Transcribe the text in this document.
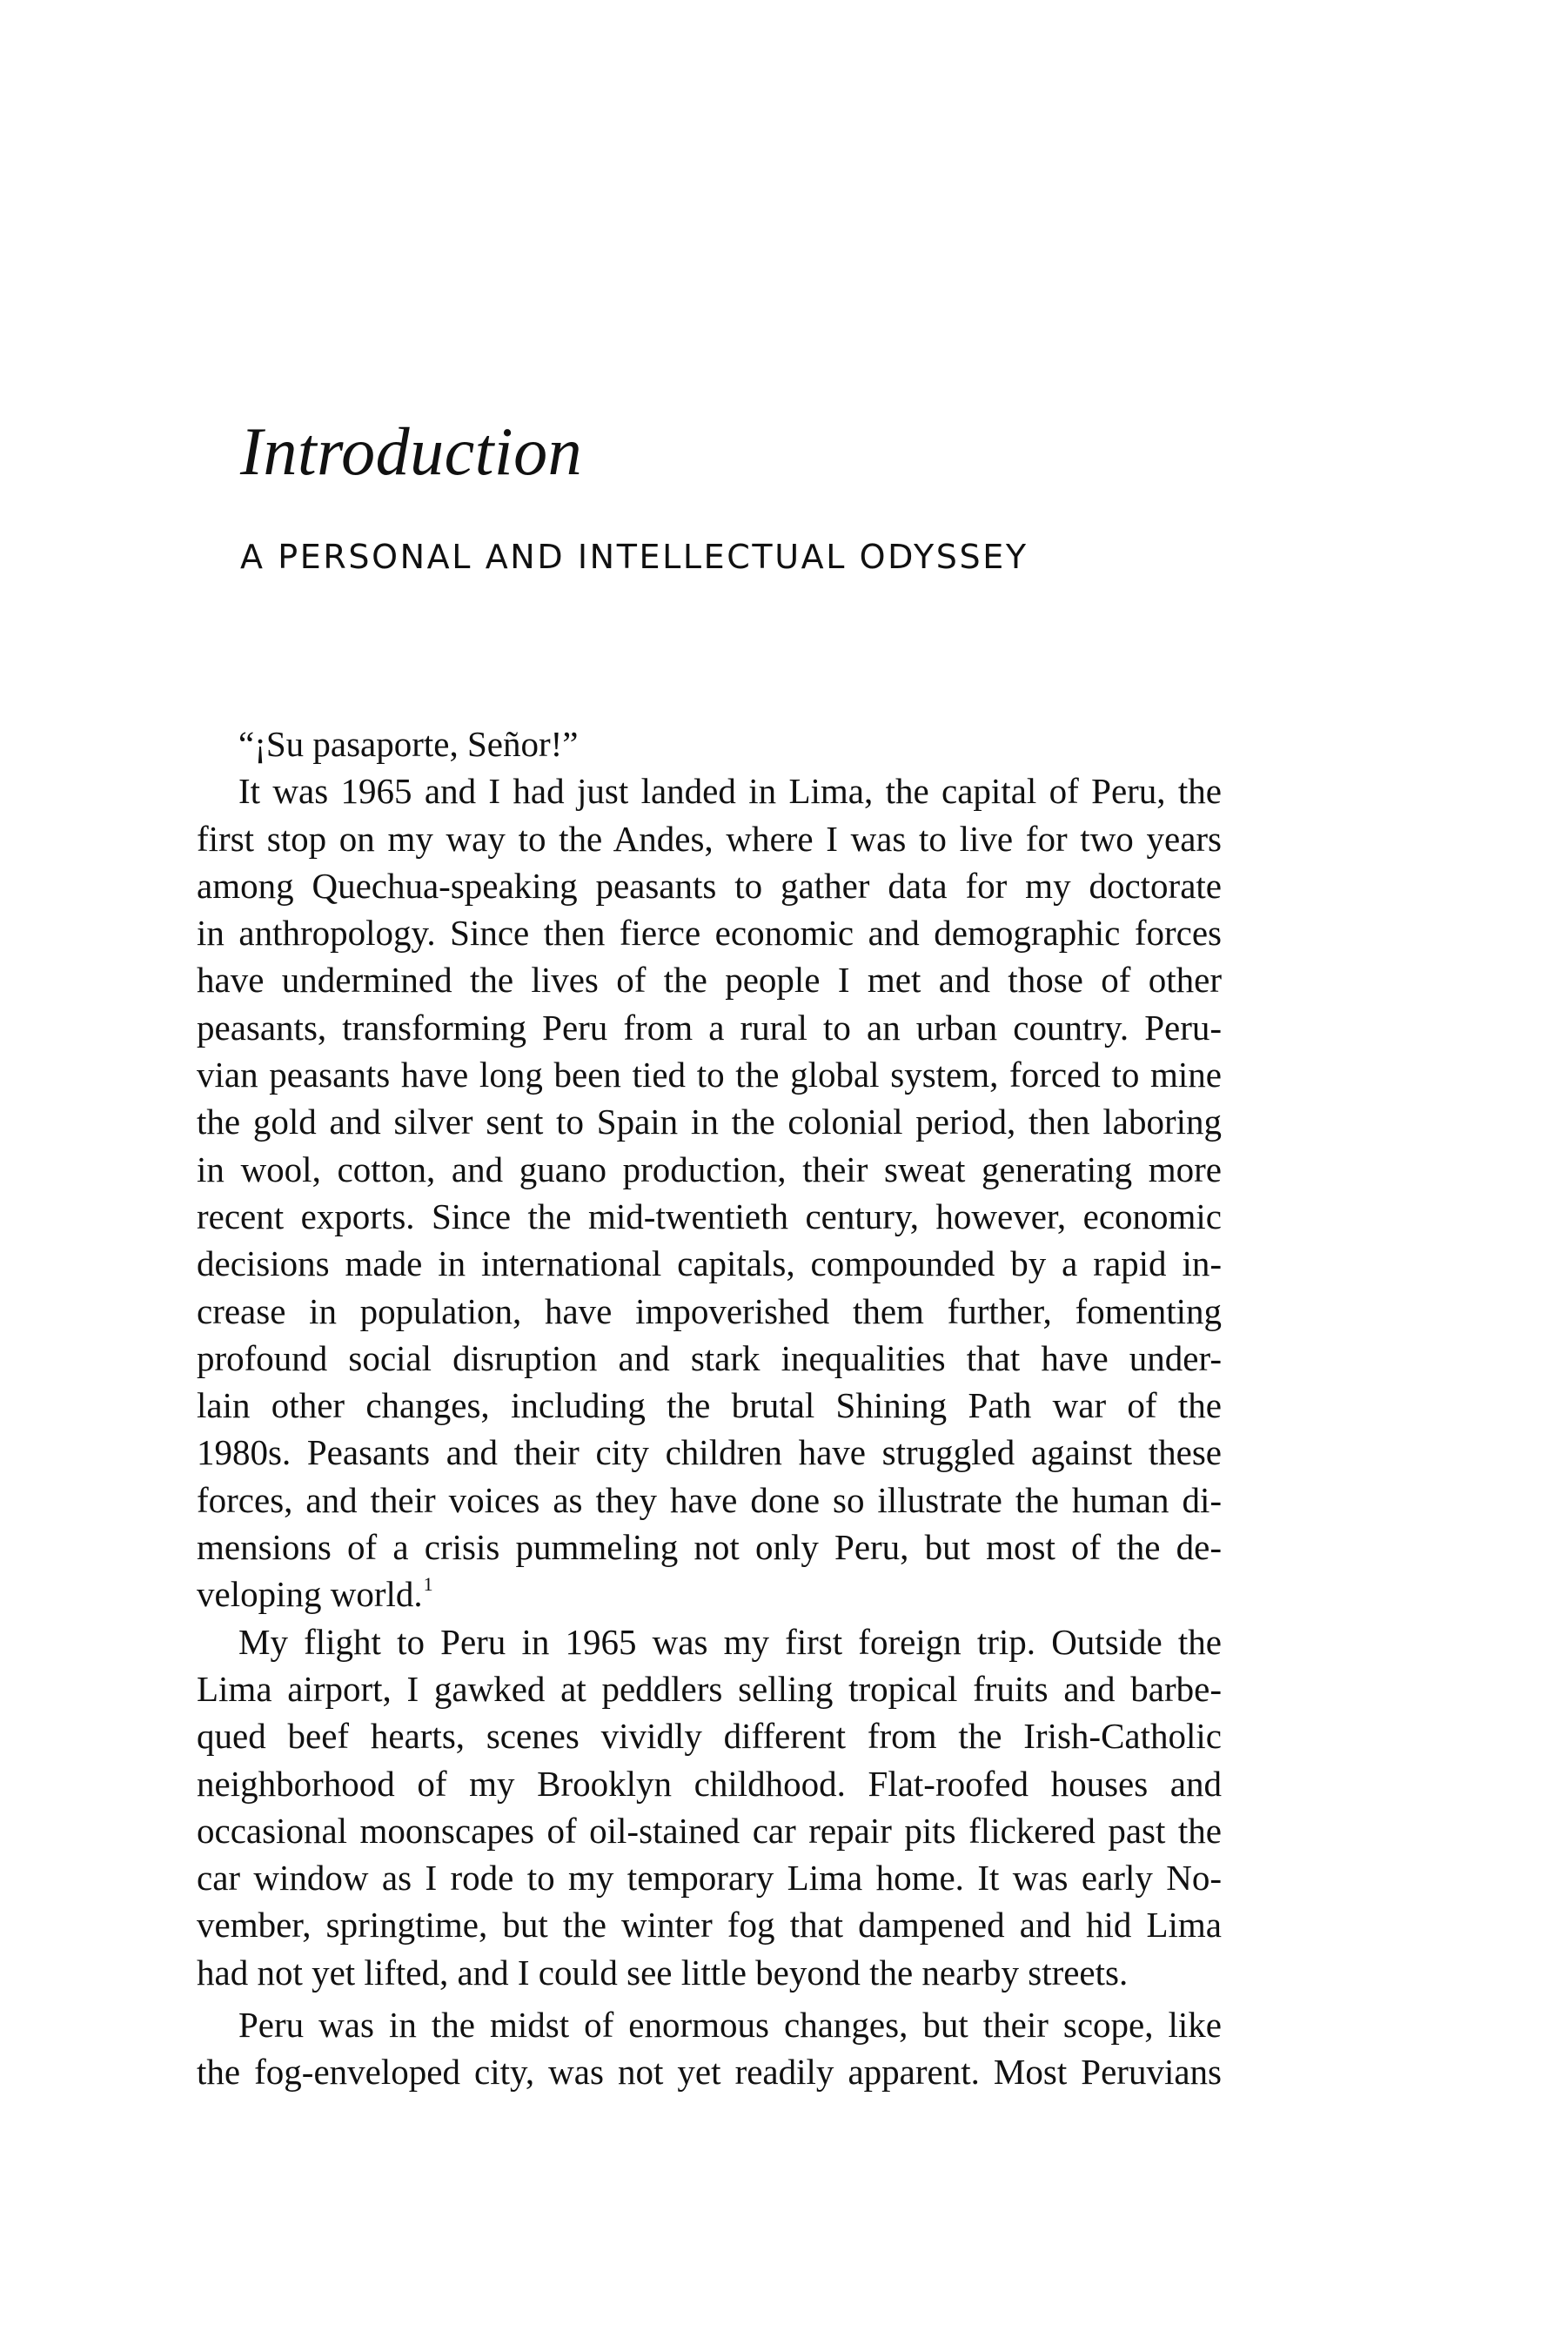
Introduction
A PERSONAL AND INTELLECTUAL ODYSSEY
“¡Su pasaporte, Señor!”
It was 1965 and I had just landed in Lima, the capital of Peru, the
first stop on my way to the Andes, where I was to live for two years
among Quechua-speaking peasants to gather data for my doctorate
in anthropology. Since then fierce economic and demographic forces
have undermined the lives of the people I met and those of other
peasants, transforming Peru from a rural to an urban country. Peru-
vian peasants have long been tied to the global system, forced to mine
the gold and silver sent to Spain in the colonial period, then laboring
in wool, cotton, and guano production, their sweat generating more
recent exports. Since the mid-twentieth century, however, economic
decisions made in international capitals, compounded by a rapid in-
crease in population, have impoverished them further, fomenting
profound social disruption and stark inequalities that have under-
lain other changes, including the brutal Shining Path war of the
1980s. Peasants and their city children have struggled against these
forces, and their voices as they have done so illustrate the human di-
mensions of a crisis pummeling not only Peru, but most of the de-
veloping world.$^1$
My flight to Peru in 1965 was my first foreign trip. Outside the
Lima airport, I gawked at peddlers selling tropical fruits and barbe-
qued beef hearts, scenes vividly different from the Irish-Catholic
neighborhood of my Brooklyn childhood. Flat-roofed houses and
occasional moonscapes of oil-stained car repair pits flickered past the
car window as I rode to my temporary Lima home. It was early No-
vember, springtime, but the winter fog that dampened and hid Lima
had not yet lifted, and I could see little beyond the nearby streets.
Peru was in the midst of enormous changes, but their scope, like
the fog-enveloped city, was not yet readily apparent. Most Peruvians
